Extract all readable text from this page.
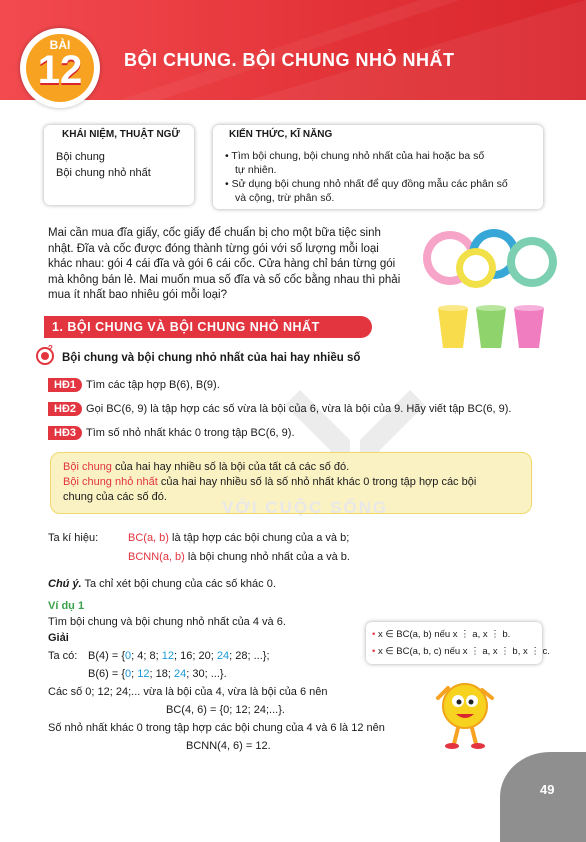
BÀI
12	BỘI CHUNG. BỘI CHUNG NHỎ NHẤT
KHÁI NIỆM, THUẬT NGỮ
Bội chung
Bội chung nhỏ nhất
KIẾN THỨC, KĨ NĂNG
• Tìm bội chung, bội chung nhỏ nhất của hai hoặc ba số
tự nhiên.
• Sử dụng bội chung nhỏ nhất để quy đồng mẫu các phân số
và cộng, trừ phân số.
Mai cần mua đĩa giấy, cốc giấy để chuẩn bị cho một bữa tiệc sinh
nhật. Đĩa và cốc được đóng thành từng gói với số lượng mỗi loại
khác nhau: gói 4 cái đĩa và gói 6 cái cốc. Cửa hàng chỉ bán từng gói
mà không bán lẻ. Mai muốn mua số đĩa và số cốc bằng nhau thì phải
mua ít nhất bao nhiêu gói mỗi loại?
1. BỘI CHUNG VÀ BỘI CHUNG NHỎ NHẤT
?
Bội chung và bội chung nhỏ nhất của hai hay nhiều số
HĐ1 Tìm các tập hợp B(6), B(9).
HĐ2 Gọi BC(6, 9) là tập hợp các số vừa là bội của 6, vừa là bội của 9. Hãy viết tập BC(6, 9).
HĐ3 Tìm số nhỏ nhất khác 0 trong tập BC(6, 9).
Bội chung của hai hay nhiều số là bội của tất cả các số đó.
Bội chung nhỏ nhất của hai hay nhiều số là số nhỏ nhất khác 0 trong tập hợp các bội
chung của các số đó.
VỚI CUỘC SỐNG
Ta kí hiệu:	BC(a, b) là tập hợp các bội chung của a và b;
BCNN(a, b) là bội chung nhỏ nhất của a và b.
Chú ý. Ta chỉ xét bội chung của các số khác 0.
Ví dụ 1
Tìm bội chung và bội chung nhỏ nhất của 4 và 6.
Giải
Ta có: B(4) = {0; 4; 8; 12; 16; 20; 24; 28; ...};
B(6) = {0; 12; 18; 24; 30; ...}.
Các số 0; 12; 24;... vừa là bội của 4, vừa là bội của 6 nên
BC(4, 6) = {0; 12; 24;...}.
Số nhỏ nhất khác 0 trong tập hợp các bội chung của 4 và 6 là 12 nên
BCNN(4, 6) = 12.
• x ∈ BC(a, b) nếu x ⋮ a, x ⋮ b.
• x ∈ BC(a, b, c) nếu x ⋮ a, x ⋮ b, x ⋮ c.
49
